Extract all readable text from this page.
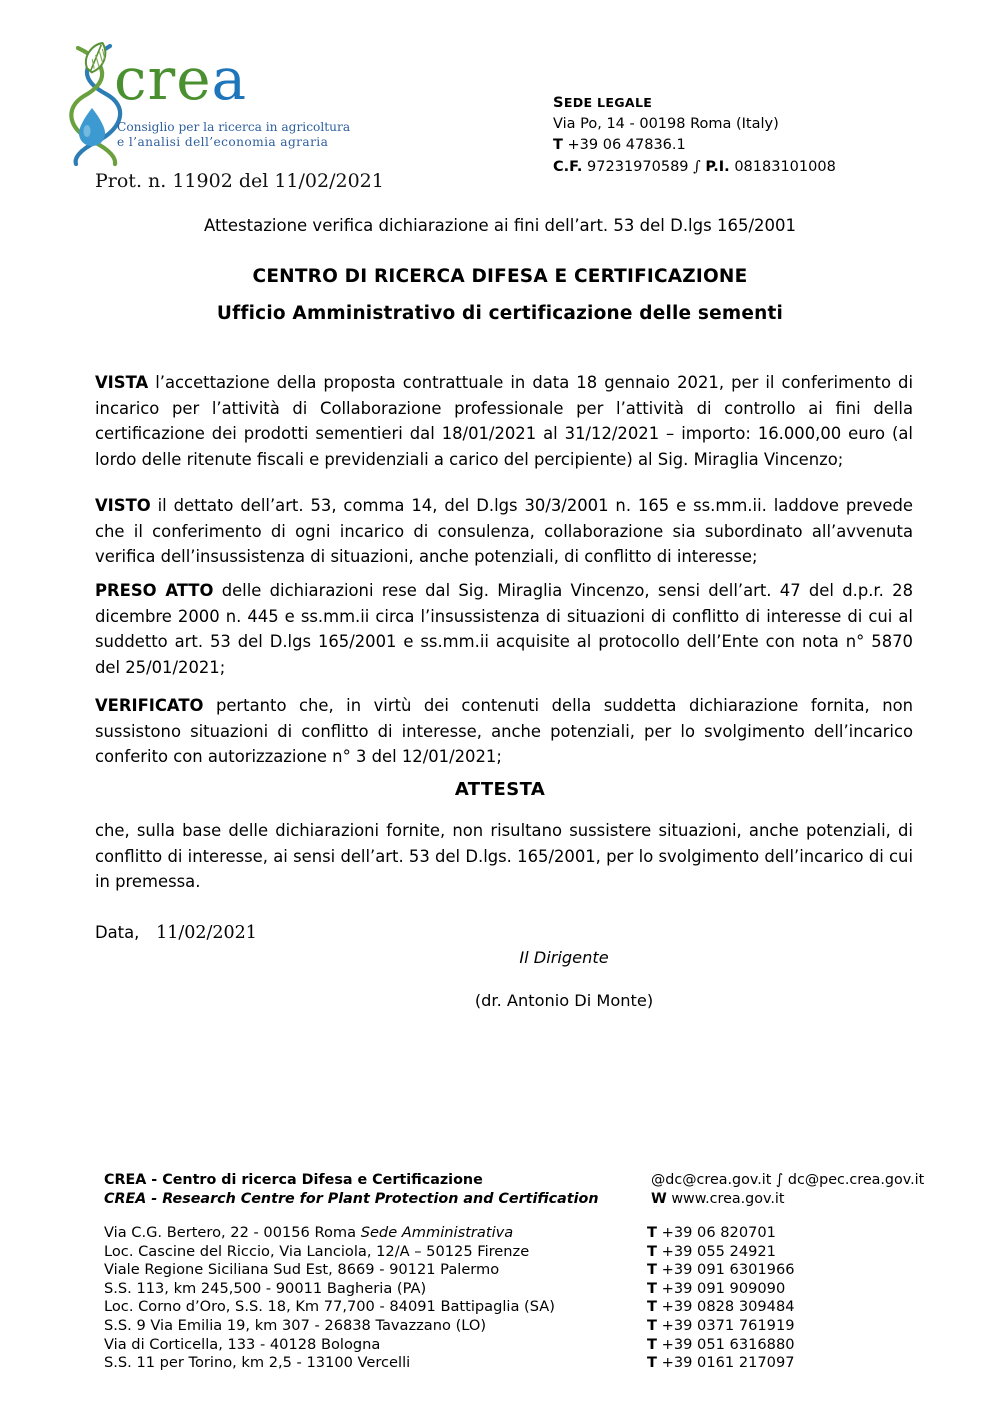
crea
Consiglio per la ricerca in agricoltura
e l’analisi dell’economia agraria
Prot. n. 11902 del 11/02/2021
SEDE LEGALE
Via Po, 14 - 00198 Roma (Italy)
T +39 06 47836.1
C.F. 97231970589 ∫ P.I. 08183101008
Attestazione verifica dichiarazione ai fini dell’art. 53 del D.lgs 165/2001
CENTRO DI RICERCA DIFESA E CERTIFICAZIONE
Ufficio Amministrativo di certificazione delle sementi
VISTA l’accettazione della proposta contrattuale in data 18 gennaio 2021, per il conferimento di incarico per l’attività di Collaborazione professionale per l’attività di controllo ai fini della certificazione dei prodotti sementieri dal 18/01/2021 al 31/12/2021 – importo: 16.000,00 euro (al lordo delle ritenute fiscali e previdenziali a carico del percipiente) al Sig. Miraglia Vincenzo;
VISTO il dettato dell’art. 53, comma 14, del D.lgs 30/3/2001 n. 165 e ss.mm.ii. laddove prevede che il conferimento di ogni incarico di consulenza, collaborazione sia subordinato all’avvenuta verifica dell’insussistenza di situazioni, anche potenziali, di conflitto di interesse;
PRESO ATTO delle dichiarazioni rese dal Sig. Miraglia Vincenzo, sensi dell’art. 47 del d.p.r. 28 dicembre 2000 n. 445 e ss.mm.ii circa l’insussistenza di situazioni di conflitto di interesse di cui al suddetto art. 53 del D.lgs 165/2001 e ss.mm.ii acquisite al protocollo dell’Ente con nota n° 5870 del 25/01/2021;
VERIFICATO pertanto che, in virtù dei contenuti della suddetta dichiarazione fornita, non sussistono situazioni di conflitto di interesse, anche potenziali, per lo svolgimento dell’incarico conferito con autorizzazione n° 3 del 12/01/2021;
ATTESTA
che, sulla base delle dichiarazioni fornite, non risultano sussistere situazioni, anche potenziali, di conflitto di interesse, ai sensi dell’art. 53 del D.lgs. 165/2001, per lo svolgimento dell’incarico di cui in premessa.
Data, 11/02/2021
Il Dirigente
(dr. Antonio Di Monte)
CREA - Centro di ricerca Difesa e Certificazione
CREA - Research Centre for Plant Protection and Certification
@dc@crea.gov.it ∫ dc@pec.crea.gov.it
W www.crea.gov.it
Via C.G. Bertero, 22 - 00156 Roma Sede Amministrativa
Loc. Cascine del Riccio, Via Lanciola, 12/A – 50125 Firenze
Viale Regione Siciliana Sud Est, 8669 - 90121 Palermo
S.S. 113, km 245,500 - 90011 Bagheria (PA)
Loc. Corno d’Oro, S.S. 18, Km 77,700 - 84091 Battipaglia (SA)
S.S. 9 Via Emilia 19, km 307 - 26838 Tavazzano (LO)
Via di Corticella, 133 - 40128 Bologna
S.S. 11 per Torino, km 2,5 - 13100 Vercelli
T +39 06 820701
T +39 055 24921
T +39 091 6301966
T +39 091 909090
T +39 0828 309484
T +39 0371 761919
T +39 051 6316880
T +39 0161 217097
